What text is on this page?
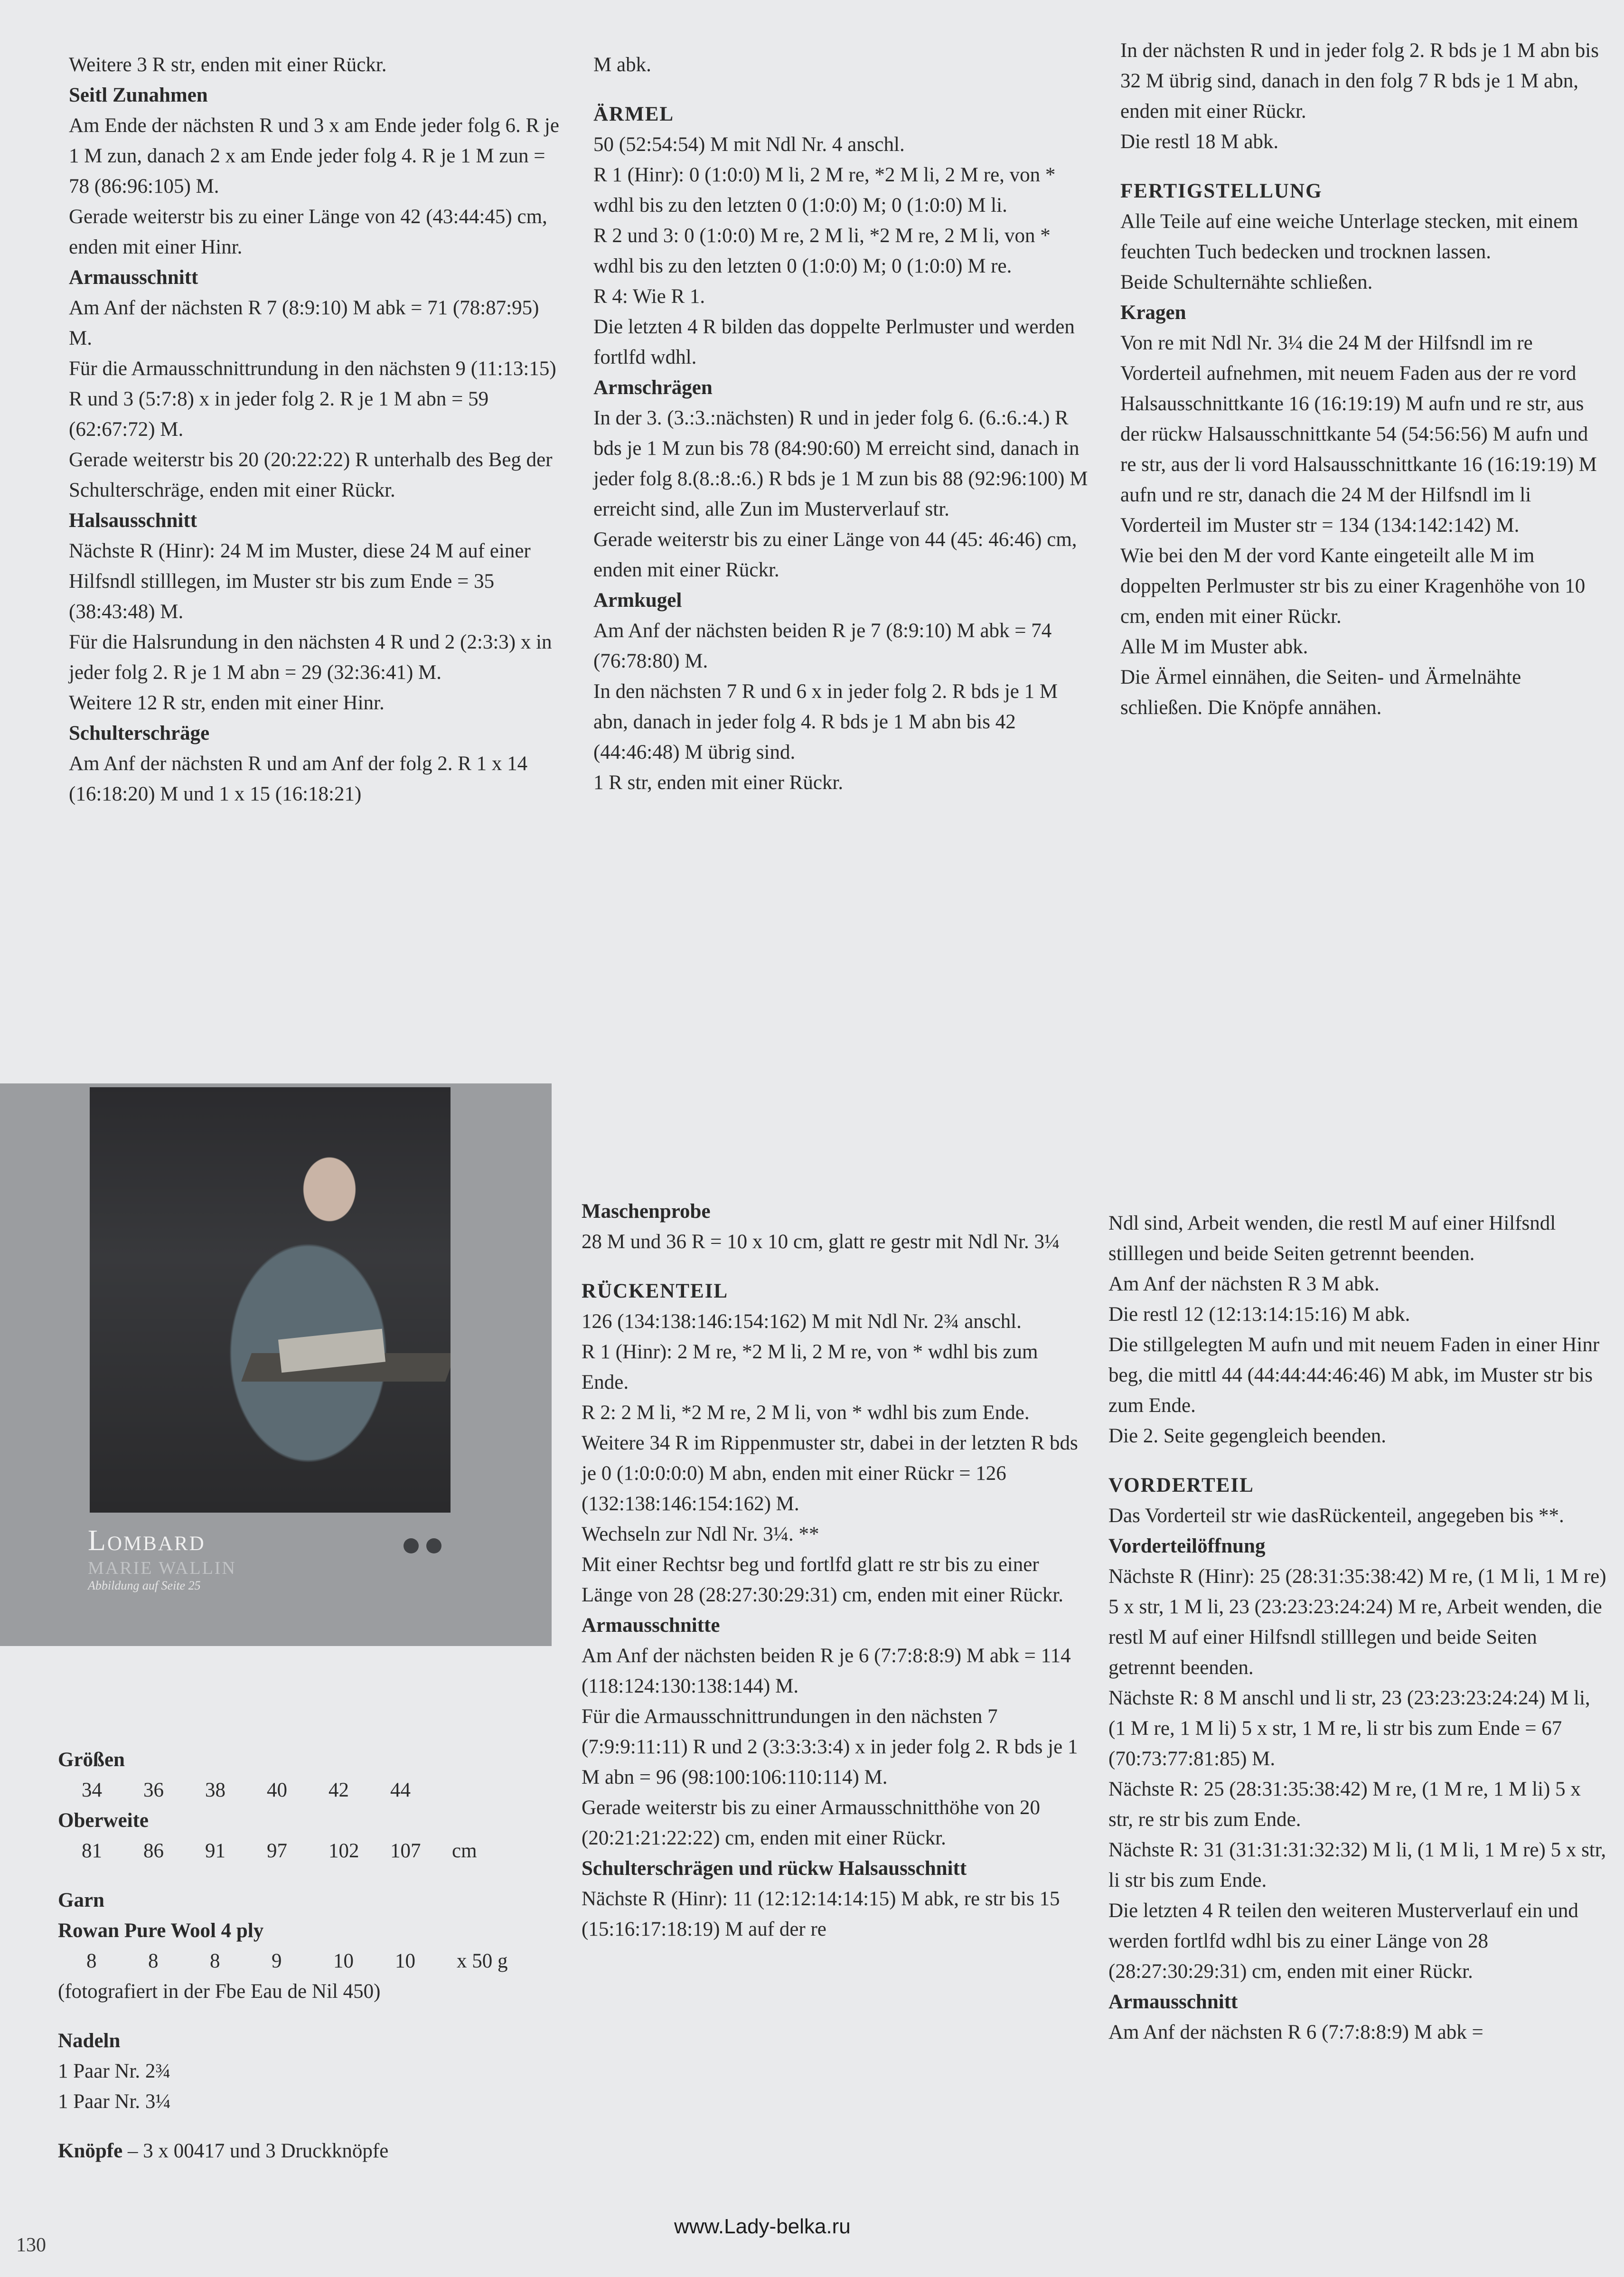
Weitere 3 R str, enden mit einer Rückr.

Seitl Zunahmen

Am Ende der nächsten R und 3 x am Ende jeder folg 6. R je 1 M zun, danach 2 x am Ende jeder folg 4. R je 1 M zun = 78 (86:96:105) M.

Gerade weiterstr bis zu einer Länge von 42 (43:44:45) cm, enden mit einer Hinr.

Armausschnitt

Am Anf der nächsten R 7 (8:9:10) M abk = 71 (78:87:95) M.

Für die Armausschnittrundung in den nächsten 9 (11:13:15) R und 3 (5:7:8) x in jeder folg 2. R je 1 M abn = 59 (62:67:72) M.

Gerade weiterstr bis 20 (20:22:22) R unterhalb des Beg der Schulterschräge, enden mit einer Rückr.

Halsausschnitt

Nächste R (Hinr): 24 M im Muster, diese 24 M auf einer Hilfsndl stilllegen, im Muster str bis zum Ende = 35 (38:43:48) M.

Für die Halsrundung in den nächsten 4 R und 2 (2:3:3) x in jeder folg 2. R je 1 M abn = 29 (32:36:41) M.

Weitere 12 R str, enden mit einer Hinr.

Schulterschräge

Am Anf der nächsten R und am Anf der folg 2. R 1 x 14 (16:18:20) M und 1 x 15 (16:18:21)

M abk.

ÄRMEL

50 (52:54:54) M mit Ndl Nr. 4 anschl.

R 1 (Hinr): 0 (1:0:0) M li, 2 M re, *2 M li, 2 M re, von * wdhl bis zu den letzten 0 (1:0:0) M; 0 (1:0:0) M li.

R 2 und 3: 0 (1:0:0) M re, 2 M li, *2 M re, 2 M li, von * wdhl bis zu den letzten 0 (1:0:0) M; 0 (1:0:0) M re.

R 4: Wie R 1.

Die letzten 4 R bilden das doppelte Perlmuster und werden fortlfd wdhl.

Armschrägen

In der 3. (3.:3.:nächsten) R und in jeder folg 6. (6.:6.:4.) R bds je 1 M zun bis 78 (84:90:60) M erreicht sind, danach in jeder folg 8.(8.:8.:6.) R bds je 1 M zun bis 88 (92:96:100) M erreicht sind, alle Zun im Musterverlauf str.

Gerade weiterstr bis zu einer Länge von 44 (45: 46:46) cm, enden mit einer Rückr.

Armkugel

Am Anf der nächsten beiden R je 7 (8:9:10) M abk = 74 (76:78:80) M.

In den nächsten 7 R und 6 x in jeder folg 2. R bds je 1 M abn, danach in jeder folg 4. R bds je 1 M abn bis 42 (44:46:48) M übrig sind.

1 R str, enden mit einer Rückr.

In der nächsten R und in jeder folg 2. R bds je 1 M abn bis 32 M übrig sind, danach in den folg 7 R bds je 1 M abn, enden mit einer Rückr.

Die restl 18 M abk.

FERTIGSTELLUNG

Alle Teile auf eine weiche Unterlage stecken, mit einem feuchten Tuch bedecken und trocknen lassen.

Beide Schulternähte schließen.

Kragen

Von re mit Ndl Nr. 3¼ die 24 M der Hilfsndl im re Vorderteil aufnehmen, mit neuem Faden aus der re vord Halsausschnittkante 16 (16:19:19) M aufn und re str, aus der rückw Halsausschnittkante 54 (54:56:56) M aufn und re str, aus der li vord Halsausschnittkante 16 (16:19:19) M aufn und re str, danach die 24 M der Hilfsndl im li Vorderteil im Muster str = 134 (134:142:142) M.

Wie bei den M der vord Kante eingeteilt alle M im doppelten Perlmuster str bis zu einer Kragenhöhe von 10 cm, enden mit einer Rückr.

Alle M im Muster abk.

Die Ärmel einnähen, die Seiten- und Ärmelnähte schließen. Die Knöpfe annähen.

Lombard
MARIE WALLIN
Abbildung auf Seite 25

Größen

34	36	38	40	42	44

Oberweite

81	86	91	97	102	107	cm

Garn

Rowan Pure Wool 4 ply

8	8	8	9	10	10	x 50 g

(fotografiert in der Fbe Eau de Nil 450)

Nadeln

1 Paar Nr. 2¾

1 Paar Nr. 3¼

Knöpfe – 3 x 00417 und 3 Druckknöpfe

Maschenprobe

28 M und 36 R = 10 x 10 cm, glatt re gestr mit Ndl Nr. 3¼

RÜCKENTEIL

126 (134:138:146:154:162) M mit Ndl Nr. 2¾ anschl.

R 1 (Hinr): 2 M re, *2 M li, 2 M re, von * wdhl bis zum Ende.

R 2: 2 M li, *2 M re, 2 M li, von * wdhl bis zum Ende.

Weitere 34 R im Rippenmuster str, dabei in der letzten R bds je 0 (1:0:0:0:0) M abn, enden mit einer Rückr = 126 (132:138:146:154:162) M.

Wechseln zur Ndl Nr. 3¼. **

Mit einer Rechtsr beg und fortlfd glatt re str bis zu einer Länge von 28 (28:27:30:29:31) cm, enden mit einer Rückr.

Armausschnitte

Am Anf der nächsten beiden R je 6 (7:7:8:8:9) M abk = 114 (118:124:130:138:144) M.

Für die Armausschnittrundungen in den nächsten 7 (7:9:9:11:11) R und 2 (3:3:3:3:4) x in jeder folg 2. R bds je 1 M abn = 96 (98:100:106:110:114) M.

Gerade weiterstr bis zu einer Armausschnitthöhe von 20 (20:21:21:22:22) cm, enden mit einer Rückr.

Schulterschrägen und rückw Halsausschnitt

Nächste R (Hinr): 11 (12:12:14:14:15) M abk, re str bis 15 (15:16:17:18:19) M auf der re

Ndl sind, Arbeit wenden, die restl M auf einer Hilfsndl stilllegen und beide Seiten getrennt beenden.

Am Anf der nächsten R 3 M abk.

Die restl 12 (12:13:14:15:16) M abk.

Die stillgelegten M aufn und mit neuem Faden in einer Hinr beg, die mittl 44 (44:44:44:46:46) M abk, im Muster str bis zum Ende.

Die 2. Seite gegengleich beenden.

VORDERTEIL

Das Vorderteil str wie dasRückenteil, angegeben bis **.

Vorderteilöffnung

Nächste R (Hinr): 25 (28:31:35:38:42) M re, (1 M li, 1 M re) 5 x str, 1 M li, 23 (23:23:23:24:24) M re, Arbeit wenden, die restl M auf einer Hilfsndl stilllegen und beide Seiten getrennt beenden.

Nächste R: 8 M anschl und li str, 23 (23:23:23:24:24) M li, (1 M re, 1 M li) 5 x str, 1 M re, li str bis zum Ende = 67 (70:73:77:81:85) M.

Nächste R: 25 (28:31:35:38:42) M re, (1 M re, 1 M li) 5 x str, re str bis zum Ende.

Nächste R: 31 (31:31:31:32:32) M li, (1 M li, 1 M re) 5 x str, li str bis zum Ende.

Die letzten 4 R teilen den weiteren Musterverlauf ein und werden fortlfd wdhl bis zu einer Länge von 28 (28:27:30:29:31) cm, enden mit einer Rückr.

Armausschnitt

Am Anf der nächsten R 6 (7:7:8:8:9) M abk =

130
www.Lady-belka.ru
